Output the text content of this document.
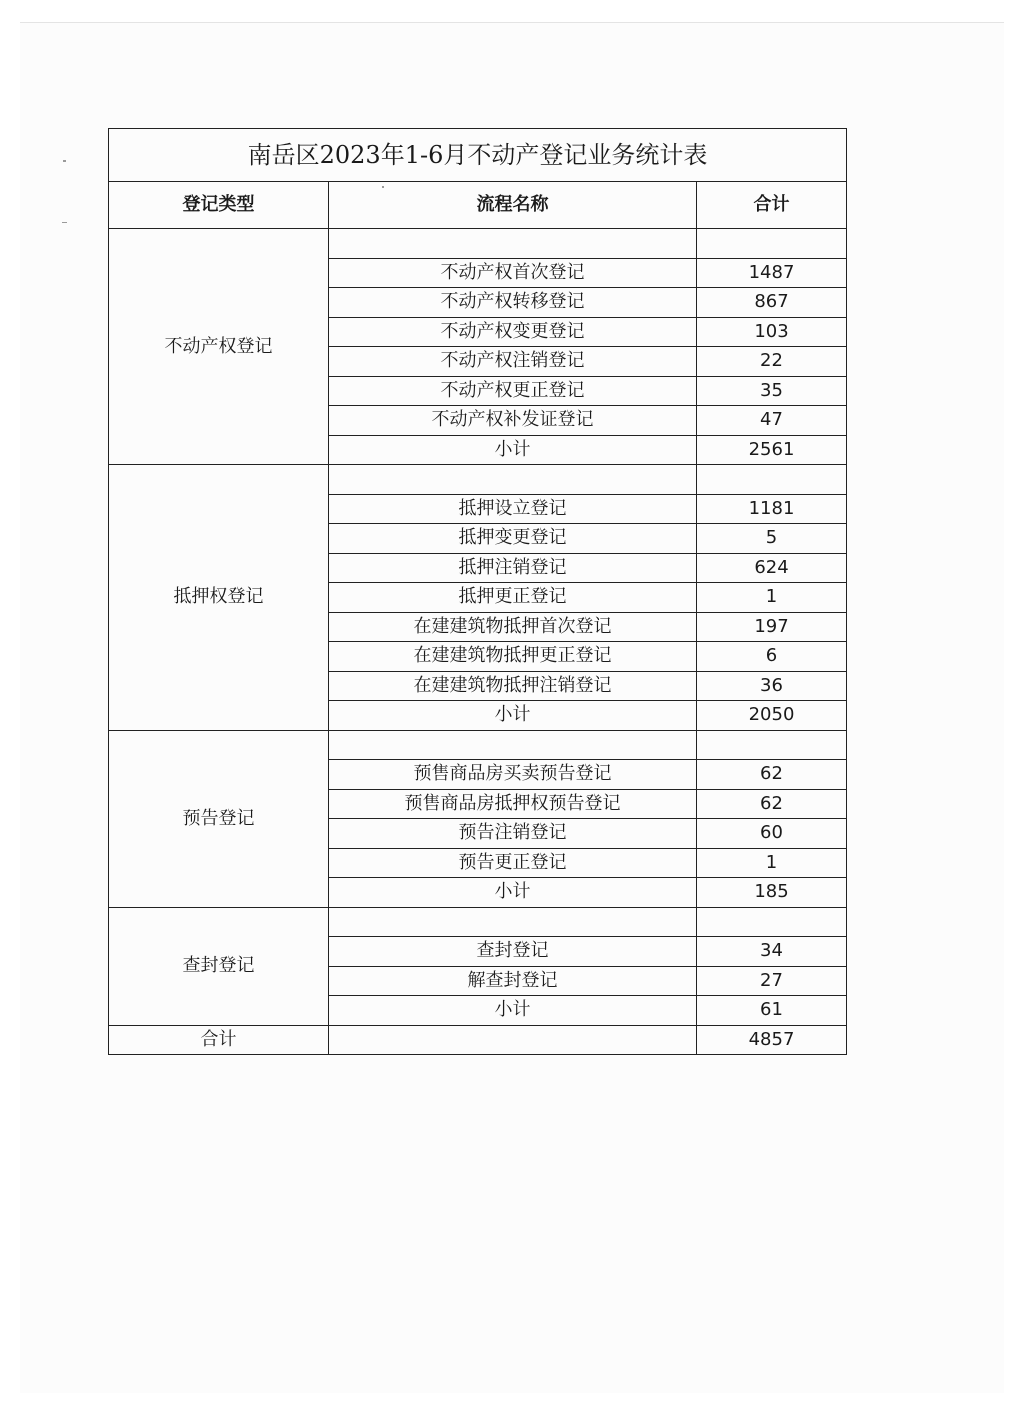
南岳区2023年1-6月不动产登记业务统计表		
登记类型	流程名称	合计
不动产权登记		
	不动产权首次登记	1487
	不动产权转移登记	867
	不动产权变更登记	103
	不动产权注销登记	22
	不动产权更正登记	35
	不动产权补发证登记	47
	小计	2561
抵押权登记		
	抵押设立登记	1181
	抵押变更登记	5
	抵押注销登记	624
	抵押更正登记	1
	在建建筑物抵押首次登记	197
	在建建筑物抵押更正登记	6
	在建建筑物抵押注销登记	36
	小计	2050
预告登记		
	预售商品房买卖预告登记	62
	预售商品房抵押权预告登记	62
	预告注销登记	60
	预告更正登记	1
	小计	185
查封登记		
	查封登记	34
	解查封登记	27
	小计	61
合计		4857
